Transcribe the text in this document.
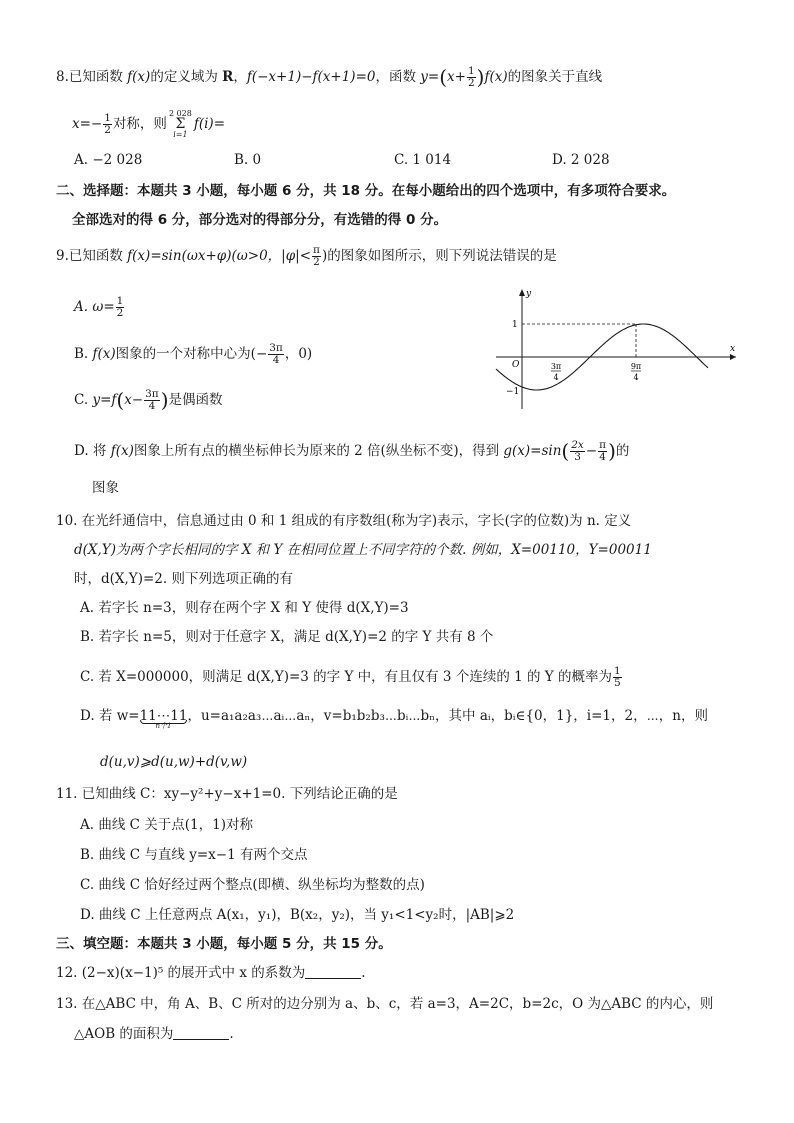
8.已知函数 f(x)的定义域为 R，f(−x+1)−f(x+1)=0，函数 $y=(x+ \frac{1}{2} )f(x)$的图象关于直线
$x=- \frac{1}{2}$ 对称，则2 028
Σ
i=1f(i)=
A. −2 028	B. 0	C. 1 014	D. 2 028
二、选择题：本题共 3 小题，每小题 6 分，共 18 分。在每小题给出的四个选项中，有多项符合要求。
全部选对的得 6 分，部分选对的得部分分，有选错的得 0 分。
9.已知函数 f(x)=sin(ωx+φ)(ω>0，$|\varphi|< \frac{\pi}{2}$ )的图象如图所示，则下列说法错误的是
A. $\omega= \frac{1}{2}$
B. f(x)图象的一个对称中心为(− $\frac{3\pi}{4}$ ，0)
C. $y=f(x- \frac{3\pi}{4}$ )是偶函数
D. 将 f(x)图象上所有点的横坐标伸长为原来的 2 倍(纵坐标不变)，得到 $g(x)=\sin( \frac{2x}{3} - \frac{\pi}{4}$ )的
图象
y
x
O
1
−1
3π
4
9π
4
10. 在光纤通信中，信息通过由 0 和 1 组成的有序数组(称为字)表示，字长(字的位数)为 n. 定义
d(X,Y)为两个字长相同的字 X 和 Y 在相同位置上不同字符的个数. 例如，X=00110，Y=00011
时，d(X,Y)=2. 则下列选项正确的有
A. 若字长 n=3，则存在两个字 X 和 Y 使得 d(X,Y)=3
B. 若字长 n=5，则对于任意字 X，满足 d(X,Y)=2 的字 Y 共有 8 个
C. 若 X=000000，则满足 d(X,Y)=3 的字 Y 中，有且仅有 3 个连续的 1 的 Y 的概率为 $\frac{1}{5}$
D. 若 w=11⋯11
n个1
，u=a₁a₂a₃⋯aᵢ⋯aₙ，v=b₁b₂b₃⋯bᵢ⋯bₙ，其中 aᵢ，bᵢ∈{0，1}，i=1，2，⋯，n，则
d(u,v)⩾d(u,w)+d(v,w)
11. 已知曲线 C：xy−y²+y−x+1=0. 下列结论正确的是
A. 曲线 C 关于点(1，1)对称
B. 曲线 C 与直线 y=x−1 有两个交点
C. 曲线 C 恰好经过两个整点(即横、纵坐标均为整数的点)
D. 曲线 C 上任意两点 A(x₁，y₁)，B(x₂，y₂)，当 y₁<1<y₂时，|AB|⩾2
三、填空题：本题共 3 小题，每小题 5 分，共 15 分。
12. (2−x)(x−1)⁵ 的展开式中 x 的系数为	.
13. 在△ABC 中，角 A、B、C 所对的边分别为 a、b、c，若 a=3，A=2C，b=2c，O 为△ABC 的内心，则
△AOB 的面积为	.
